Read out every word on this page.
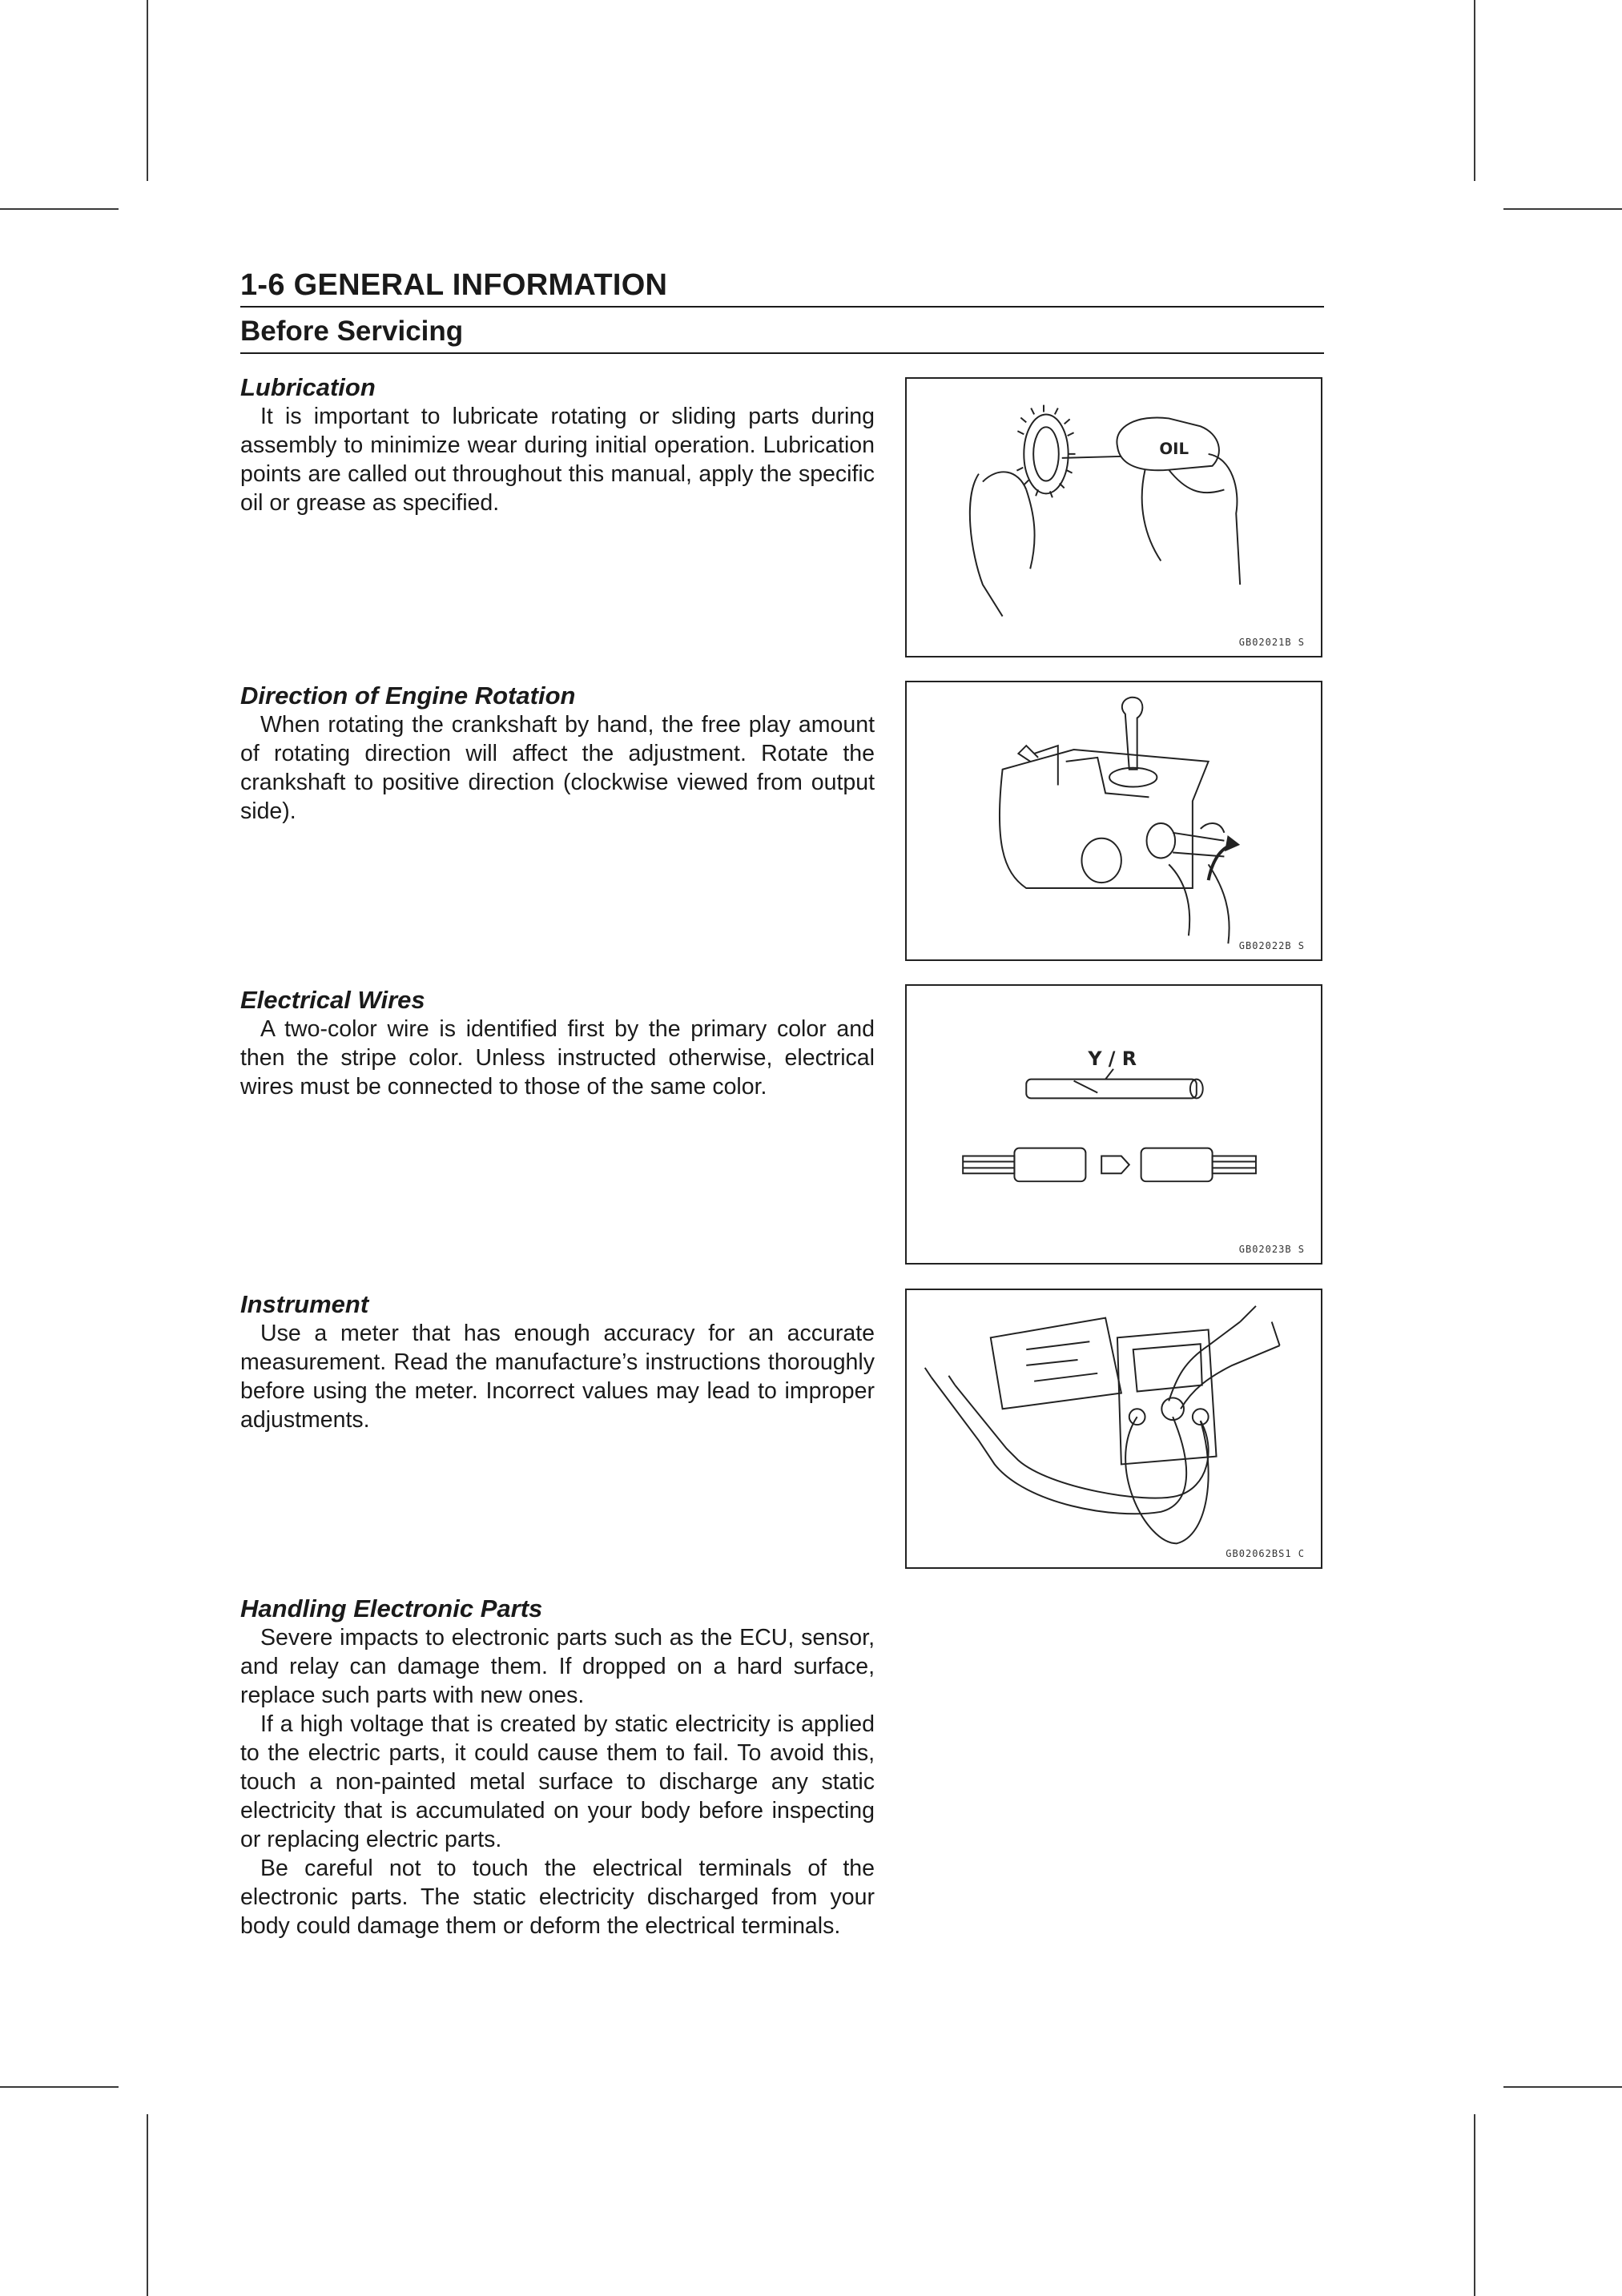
1-6 GENERAL INFORMATION
Before Servicing
Lubrication

It is important to lubricate rotating or sliding parts during assembly to minimize wear during initial operation. Lubrication points are called out throughout this manual, apply the specific oil or grease as specified.

OIL
GB02021B S
Direction of Engine Rotation

When rotating the crankshaft by hand, the free play amount of rotating direction will affect the adjustment. Rotate the crankshaft to positive direction (clockwise viewed from output side).

GB02022B S
Electrical Wires

A two-color wire is identified first by the primary color and then the stripe color. Unless instructed otherwise, electrical wires must be connected to those of the same color.

Y / R
GB02023B S
Instrument

Use a meter that has enough accuracy for an accurate measurement. Read the manufacture’s instructions thoroughly before using the meter. Incorrect values may lead to improper adjustments.

GB02062BS1 C
Handling Electronic Parts

Severe impacts to electronic parts such as the ECU, sensor, and relay can damage them. If dropped on a hard surface, replace such parts with new ones.

If a high voltage that is created by static electricity is applied to the electric parts, it could cause them to fail. To avoid this, touch a non-painted metal surface to discharge any static electricity that is accumulated on your body before inspecting or replacing electric parts.

Be careful not to touch the electrical terminals of the electronic parts. The static electricity discharged from your body could damage them or deform the electrical terminals.
